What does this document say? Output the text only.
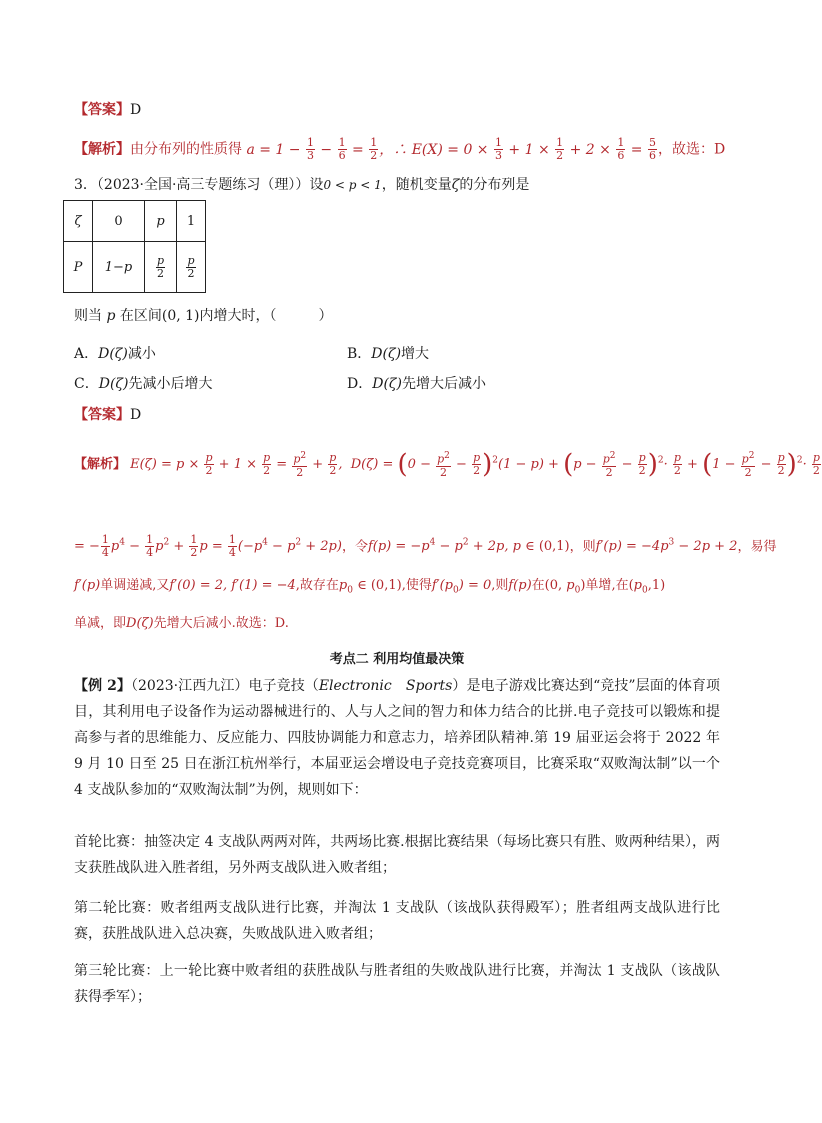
【答案】D
【解析】由分布列的性质得 $a = 1 - \frac{1}{3} - \frac{1}{6} = \frac{1}{2}$ ，∴ $E(X) = 0 \times \frac{1}{3} + 1 \times \frac{1}{2} + 2 \times \frac{1}{6} = \frac{5}{6}$ ，故选：D
3．（2023·全国·高三专题练习（理））设0 < p < 1，随机变量ζ的分布列是
ζ	0	p	1
P	1−p	$\frac{p}{2}$	$\frac{p}{2}$
则当 p 在区间(0, 1)内增大时，（　　　）
A．D(ζ)减小	B．D(ζ)增大
C．D(ζ)先减小后增大	D．D(ζ)先增大后减小
【答案】D
【解析】 $E(\zeta) = p \times \frac{p}{2} + 1 \times \frac{p}{2} = \frac{p^2}{2} + \frac{p}{2}$ ,  $D(\zeta) = (0 - \frac{p^2}{2} - \frac{p}{2} )^2(1 - p) + (p - \frac{p^2}{2} - \frac{p}{2} )^2\cdot \frac{p}{2} + (1 - \frac{p^2}{2} - \frac{p}{2} )^2\cdot \frac{p}{2}$
= − $\frac{1}{4} p^4 - \frac{1}{4} p^2 + \frac{1}{2}$ $p = \frac{1}{4} (-p^4 - p^2 + 2p)$，令$f(p) = -p^4 - p^2 + 2p$, p ∈ (0,1)，则$f'(p) = -4p^3 - 2p + 2$，易得
f′(p)单调递减,又f′(0) = 2, f′(1) = −4,故存在$p_0$ ∈ (0,1),使得$f'(p_0) = 0$,则f(p)在(0, $p_0$)单增,在$(p_0,1)$
单减，即D(ζ)先增大后减小.故选：D.
考点二 利用均值最决策
【例 2】（2023·江西九江）电子竞技（Electronic　Sports）是电子游戏比赛达到“竞技”层面的体育项目，其利用电子设备作为运动器械进行的、人与人之间的智力和体力结合的比拼.电子竞技可以锻炼和提高参与者的思维能力、反应能力、四肢协调能力和意志力，培养团队精神.第 19 届亚运会将于 2022 年 9 月 10 日至 25 日在浙江杭州举行，本届亚运会增设电子竞技竞赛项目，比赛采取“双败淘汰制”以一个 4 支战队参加的“双败淘汰制”为例，规则如下：
首轮比赛：抽签决定 4 支战队两两对阵，共两场比赛.根据比赛结果（每场比赛只有胜、败两种结果），两支获胜战队进入胜者组，另外两支战队进入败者组；
第二轮比赛：败者组两支战队进行比赛，并淘汰 1 支战队（该战队获得殿军）；胜者组两支战队进行比赛，获胜战队进入总决赛，失败战队进入败者组；
第三轮比赛：上一轮比赛中败者组的获胜战队与胜者组的失败战队进行比赛，并淘汰 1 支战队（该战队获得季军）；
